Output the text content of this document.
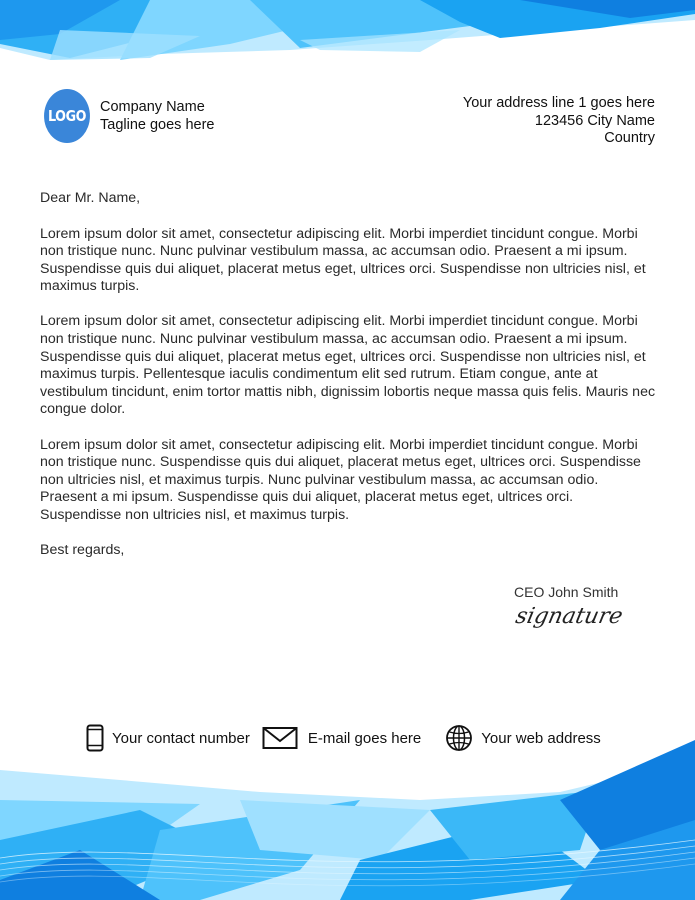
LOGO Company Name
Tagline goes here
Your address line 1 goes here
123456 City Name
Country

Dear Mr. Name,

Lorem ipsum dolor sit amet, consectetur adipiscing elit. Morbi imperdiet tincidunt congue. Morbi non tristique nunc. Nunc pulvinar vestibulum massa, ac accumsan odio. Praesent a mi ipsum. Suspendisse quis dui aliquet, placerat metus eget, ultrices orci. Suspendisse non ultricies nisl, et maximus turpis.

Lorem ipsum dolor sit amet, consectetur adipiscing elit. Morbi imperdiet tincidunt congue. Morbi non tristique nunc. Nunc pulvinar vestibulum massa, ac accumsan odio. Praesent a mi ipsum. Suspendisse quis dui aliquet, placerat metus eget, ultrices orci. Suspendisse non ultricies nisl, et maximus turpis. Pellentesque iaculis condimentum elit sed rutrum. Etiam congue, ante at vestibulum tincidunt, enim tortor mattis nibh, dignissim lobortis neque massa quis felis. Mauris nec congue dolor.

Lorem ipsum dolor sit amet, consectetur adipiscing elit. Morbi imperdiet tincidunt congue. Morbi non tristique nunc. Suspendisse quis dui aliquet, placerat metus eget, ultrices orci. Suspendisse non ultricies nisl, et maximus turpis. Nunc pulvinar vestibulum massa, ac accumsan odio. Praesent a mi ipsum. Suspendisse quis dui aliquet, placerat metus eget, ultrices orci. Suspendisse non ultricies nisl, et maximus turpis.

Best regards,

CEO John Smith
signature
Your contact number	E-mail goes here	Your web address
